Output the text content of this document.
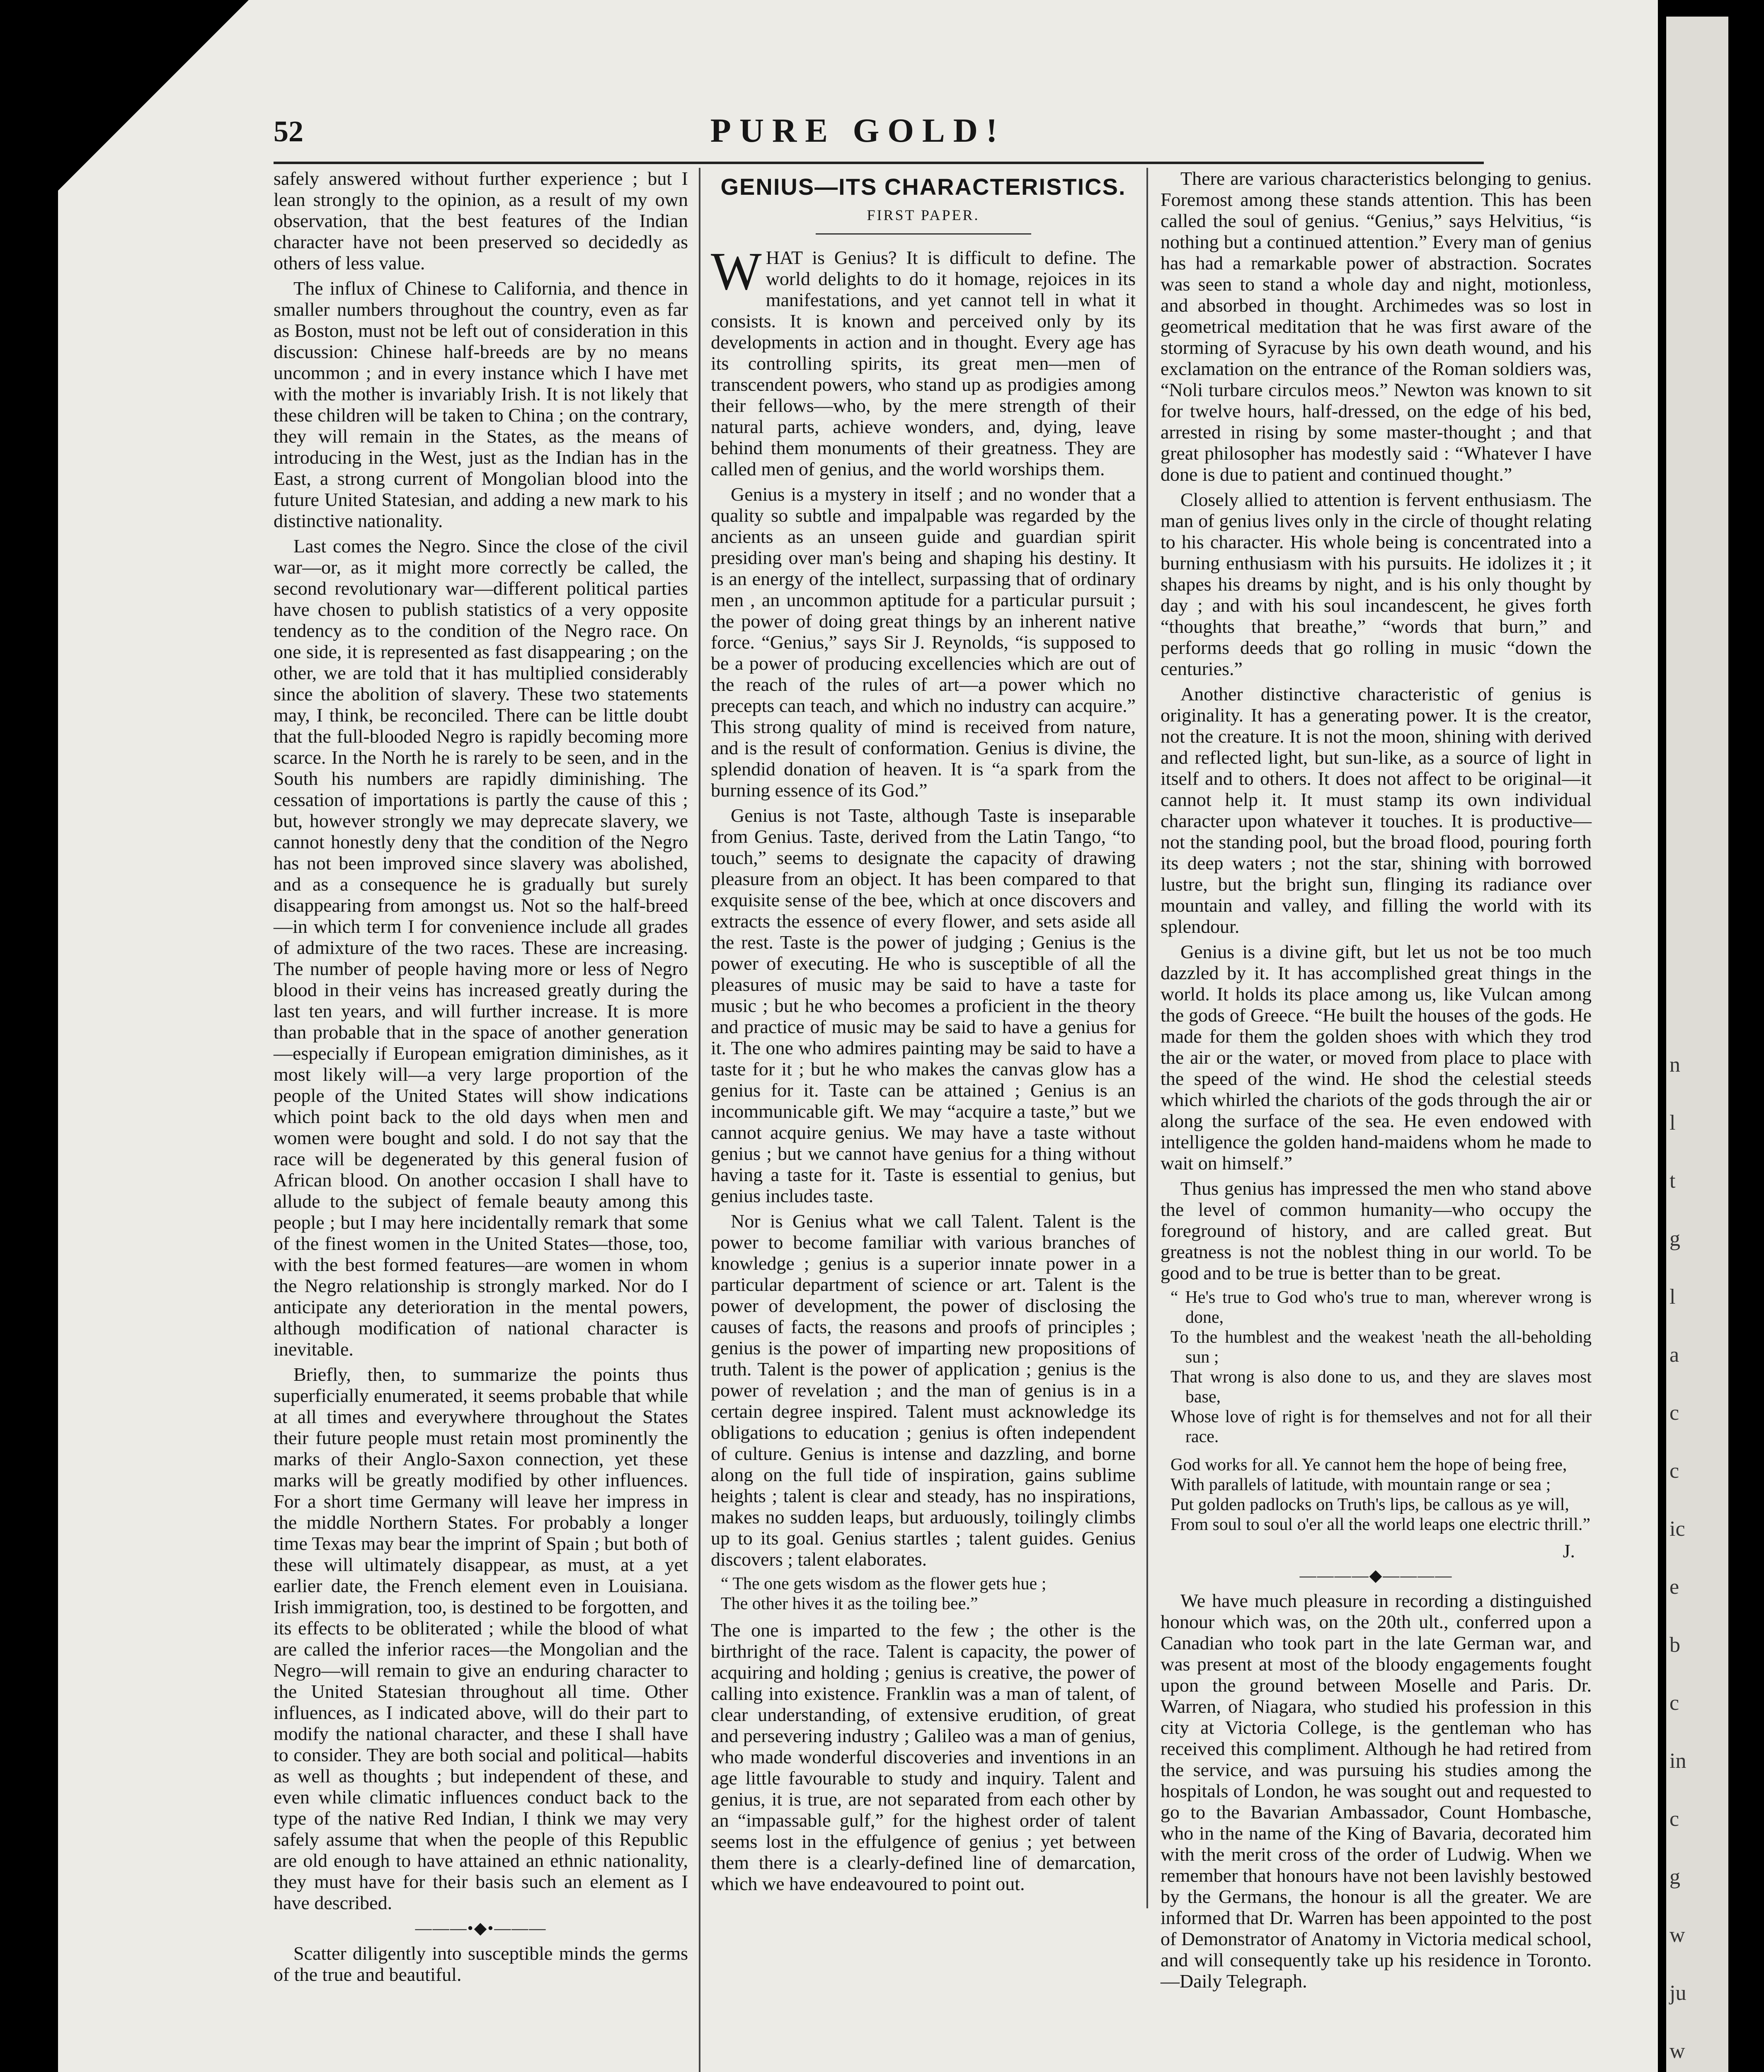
52	PURE GOLD!

safely answered without further experience ; but I lean strongly to the opinion, as a result of my own observation, that the best features of the Indian character have not been preserved so decidedly as others of less value.

The influx of Chinese to California, and thence in smaller numbers throughout the country, even as far as Boston, must not be left out of consideration in this discussion: Chinese half-breeds are by no means uncommon ; and in every instance which I have met with the mother is invariably Irish. It is not likely that these children will be taken to China ; on the contrary, they will remain in the States, as the means of introducing in the West, just as the Indian has in the East, a strong current of Mongolian blood into the future United Statesian, and adding a new mark to his distinctive nationality.

Last comes the Negro. Since the close of the civil war—or, as it might more correctly be called, the second revolutionary war—different political parties have chosen to publish statistics of a very opposite tendency as to the condition of the Negro race. On one side, it is represented as fast disappearing ; on the other, we are told that it has multiplied considerably since the abolition of slavery. These two statements may, I think, be reconciled. There can be little doubt that the full-blooded Negro is rapidly becoming more scarce. In the North he is rarely to be seen, and in the South his numbers are rapidly diminishing. The cessation of importations is partly the cause of this ; but, however strongly we may deprecate slavery, we cannot honestly deny that the condition of the Negro has not been improved since slavery was abolished, and as a consequence he is gradually but surely disappearing from amongst us. Not so the half-breed—in which term I for convenience include all grades of admixture of the two races. These are increasing. The number of people having more or less of Negro blood in their veins has increased greatly during the last ten years, and will further increase. It is more than probable that in the space of another generation —especially if European emigration diminishes, as it most likely will—a very large proportion of the people of the United States will show indications which point back to the old days when men and women were bought and sold. I do not say that the race will be degenerated by this general fusion of African blood. On another occasion I shall have to allude to the subject of female beauty among this people ; but I may here incidentally remark that some of the finest women in the United States—those, too, with the best formed features—are women in whom the Negro relationship is strongly marked. Nor do I anticipate any deterioration in the mental powers, although modification of national character is inevitable.

Briefly, then, to summarize the points thus superficially enumerated, it seems probable that while at all times and everywhere throughout the States their future people must retain most prominently the marks of their Anglo-Saxon connection, yet these marks will be greatly modified by other influences. For a short time Germany will leave her impress in the middle Northern States. For probably a longer time Texas may bear the imprint of Spain ; but both of these will ultimately disappear, as must, at a yet earlier date, the French element even in Louisiana. Irish immigration, too, is destined to be forgotten, and its effects to be obliterated ; while the blood of what are called the inferior races—the Mongolian and the Negro—will remain to give an enduring character to the United Statesian throughout all time. Other influences, as I indicated above, will do their part to modify the national character, and these I shall have to consider. They are both social and political—habits as well as thoughts ; but independent of these, and even while climatic influences conduct back to the type of the native Red Indian, I think we may very safely assume that when the people of this Republic are old enough to have attained an ethnic nationality, they must have for their basis such an element as I have described.

———•◆•———

Scatter diligently into susceptible minds the germs of the true and beautiful.

GENIUS—ITS CHARACTERISTICS.
FIRST PAPER.

WHAT is Genius? It is difficult to define. The world delights to do it homage, rejoices in its manifestations, and yet cannot tell in what it consists. It is known and perceived only by its developments in action and in thought. Every age has its controlling spirits, its great men—men of transcendent powers, who stand up as prodigies among their fellows—who, by the mere strength of their natural parts, achieve wonders, and, dying, leave behind them monuments of their greatness. They are called men of genius, and the world worships them.

Genius is a mystery in itself ; and no wonder that a quality so subtle and impalpable was regarded by the ancients as an unseen guide and guardian spirit presiding over man's being and shaping his destiny. It is an energy of the intellect, surpassing that of ordinary men , an uncommon aptitude for a particular pursuit ; the power of doing great things by an inherent native force. “Genius,” says Sir J. Reynolds, “is supposed to be a power of producing excellencies which are out of the reach of the rules of art—a power which no precepts can teach, and which no industry can acquire.” This strong quality of mind is received from nature, and is the result of conformation. Genius is divine, the splendid donation of heaven. It is “a spark from the burning essence of its God.”

Genius is not Taste, although Taste is inseparable from Genius. Taste, derived from the Latin Tango, “to touch,” seems to designate the capacity of drawing pleasure from an object. It has been compared to that exquisite sense of the bee, which at once discovers and extracts the essence of every flower, and sets aside all the rest. Taste is the power of judging ; Genius is the power of executing. He who is susceptible of all the pleasures of music may be said to have a taste for music ; but he who becomes a proficient in the theory and practice of music may be said to have a genius for it. The one who admires painting may be said to have a taste for it ; but he who makes the canvas glow has a genius for it. Taste can be attained ; Genius is an incommunicable gift. We may “acquire a taste,” but we cannot acquire genius. We may have a taste without genius ; but we cannot have genius for a thing without having a taste for it. Taste is essential to genius, but genius includes taste.

Nor is Genius what we call Talent. Talent is the power to become familiar with various branches of knowledge ; genius is a superior innate power in a particular department of science or art. Talent is the power of development, the power of disclosing the causes of facts, the reasons and proofs of principles ; genius is the power of imparting new propositions of truth. Talent is the power of application ; genius is the power of revelation ; and the man of genius is in a certain degree inspired. Talent must acknowledge its obligations to education ; genius is often independent of culture. Genius is intense and dazzling, and borne along on the full tide of inspiration, gains sublime heights ; talent is clear and steady, has no inspirations, makes no sudden leaps, but arduously, toilingly climbs up to its goal. Genius startles ; talent guides. Genius discovers ; talent elaborates.

“ The one gets wisdom as the flower gets hue ;
The other hives it as the toiling bee.”

The one is imparted to the few ; the other is the birthright of the race. Talent is capacity, the power of acquiring and holding ; genius is creative, the power of calling into existence. Franklin was a man of talent, of clear understanding, of extensive erudition, of great and persevering industry ; Galileo was a man of genius, who made wonderful discoveries and inventions in an age little favourable to study and inquiry. Talent and genius, it is true, are not separated from each other by an “impassable gulf,” for the highest order of talent seems lost in the effulgence of genius ; yet between them there is a clearly-defined line of demarcation, which we have endeavoured to point out.

There are various characteristics belonging to genius. Foremost among these stands attention. This has been called the soul of genius. “Genius,” says Helvitius, “is nothing but a continued attention.” Every man of genius has had a remarkable power of abstraction. Socrates was seen to stand a whole day and night, motionless, and absorbed in thought. Archimedes was so lost in geometrical meditation that he was first aware of the storming of Syracuse by his own death wound, and his exclamation on the entrance of the Roman soldiers was, “Noli turbare circulos meos.” Newton was known to sit for twelve hours, half-dressed, on the edge of his bed, arrested in rising by some master-thought ; and that great philosopher has modestly said : “Whatever I have done is due to patient and continued thought.”

Closely allied to attention is fervent enthusiasm. The man of genius lives only in the circle of thought relating to his character. His whole being is concentrated into a burning enthusiasm with his pursuits. He idolizes it ; it shapes his dreams by night, and is his only thought by day ; and with his soul incandescent, he gives forth “thoughts that breathe,” “words that burn,” and performs deeds that go rolling in music “down the centuries.”

Another distinctive characteristic of genius is originality. It has a generating power. It is the creator, not the creature. It is not the moon, shining with derived and reflected light, but sun-like, as a source of light in itself and to others. It does not affect to be original—it cannot help it. It must stamp its own individual character upon whatever it touches. It is productive—not the standing pool, but the broad flood, pouring forth its deep waters ; not the star, shining with borrowed lustre, but the bright sun, flinging its radiance over mountain and valley, and filling the world with its splendour.

Genius is a divine gift, but let us not be too much dazzled by it. It has accomplished great things in the world. It holds its place among us, like Vulcan among the gods of Greece. “He built the houses of the gods. He made for them the golden shoes with which they trod the air or the water, or moved from place to place with the speed of the wind. He shod the celestial steeds which whirled the chariots of the gods through the air or along the surface of the sea. He even endowed with intelligence the golden hand-maidens whom he made to wait on himself.”

Thus genius has impressed the men who stand above the level of common humanity—who occupy the foreground of history, and are called great. But greatness is not the noblest thing in our world. To be good and to be true is better than to be great.

“ He's true to God who's true to man, wherever wrong is done,
To the humblest and the weakest 'neath the all-beholding sun ;
That wrong is also done to us, and they are slaves most base,
Whose love of right is for themselves and not for all their race.
God works for all. Ye cannot hem the hope of being free,
With parallels of latitude, with mountain range or sea ;
Put golden padlocks on Truth's lips, be callous as ye will,
From soul to soul o'er all the world leaps one electric thrill.”
J.
————◆————

We have much pleasure in recording a distinguished honour which was, on the 20th ult., conferred upon a Canadian who took part in the late German war, and was present at most of the bloody engagements fought upon the ground between Moselle and Paris. Dr. Warren, of Niagara, who studied his profession in this city at Victoria College, is the gentleman who has received this compliment. Although he had retired from the service, and was pursuing his studies among the hospitals of London, he was sought out and requested to go to the Bavarian Ambassador, Count Hombasche, who in the name of the King of Bavaria, decorated him with the merit cross of the order of Ludwig. When we remember that honours have not been lavishly bestowed by the Germans, the honour is all the greater. We are informed that Dr. Warren has been appointed to the post of Demonstrator of Anatomy in Victoria medical school, and will consequently take up his residence in Toronto.—Daily Telegraph.

n
l
t
g
l
a
c
c
ic
e
b
c
in
c
g
w
ju
w
